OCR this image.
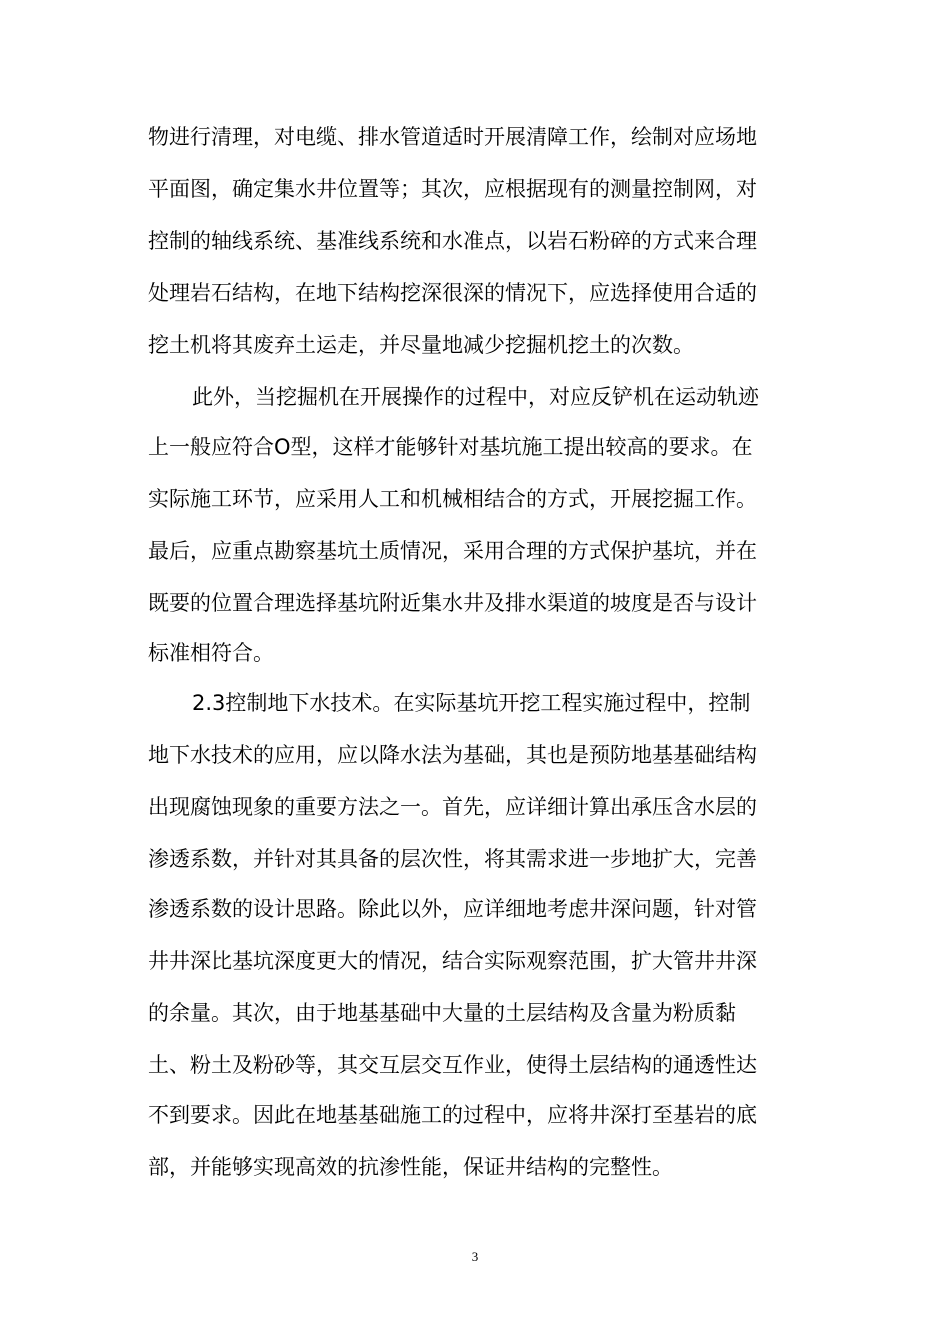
物进行清理，对电缆、排水管道适时开展清障工作，绘制对应场地
平面图，确定集水井位置等；其次，应根据现有的测量控制网，对
控制的轴线系统、基准线系统和水准点，以岩石粉碎的方式来合理
处理岩石结构，在地下结构挖深很深的情况下，应选择使用合适的
挖土机将其废弃土运走，并尽量地减少挖掘机挖土的次数。
此外，当挖掘机在开展操作的过程中，对应反铲机在运动轨迹
上一般应符合O型，这样才能够针对基坑施工提出较高的要求。在
实际施工环节，应采用人工和机械相结合的方式，开展挖掘工作。
最后，应重点勘察基坑土质情况，采用合理的方式保护基坑，并在
既要的位置合理选择基坑附近集水井及排水渠道的坡度是否与设计
标准相符合。
2.3控制地下水技术。在实际基坑开挖工程实施过程中，控制
地下水技术的应用，应以降水法为基础，其也是预防地基基础结构
出现腐蚀现象的重要方法之一。首先，应详细计算出承压含水层的
渗透系数，并针对其具备的层次性，将其需求进一步地扩大，完善
渗透系数的设计思路。除此以外，应详细地考虑井深问题，针对管
井井深比基坑深度更大的情况，结合实际观察范围，扩大管井井深
的余量。其次，由于地基基础中大量的土层结构及含量为粉质黏
土、粉土及粉砂等，其交互层交互作业，使得土层结构的通透性达
不到要求。因此在地基基础施工的过程中，应将井深打至基岩的底
部，并能够实现高效的抗渗性能，保证井结构的完整性。
3
